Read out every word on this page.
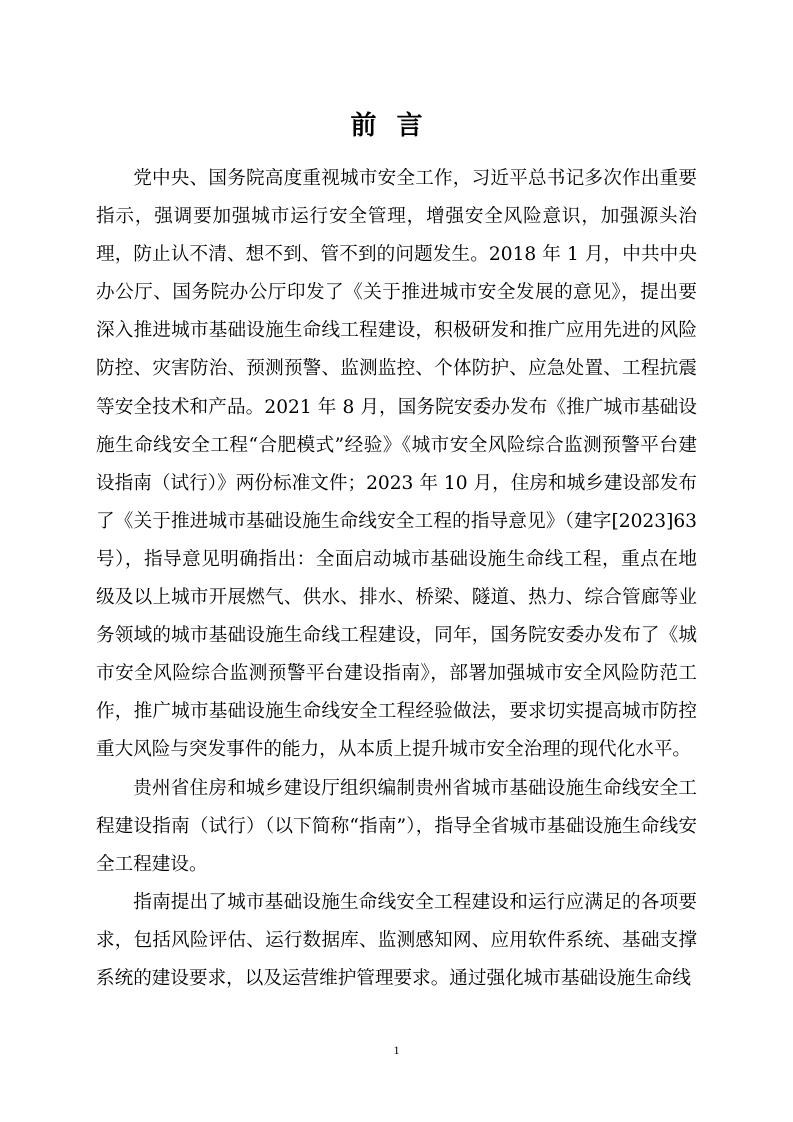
前言

党中央、国务院高度重视城市安全工作，习近平总书记多次作出重要指示，强调要加强城市运行安全管理，增强安全风险意识，加强源头治理，防止认不清、想不到、管不到的问题发生。2018 年 1 月，中共中央办公厅、国务院办公厅印发了《关于推进城市安全发展的意见》，提出要深入推进城市基础设施生命线工程建设，积极研发和推广应用先进的风险防控、灾害防治、预测预警、监测监控、个体防护、应急处置、工程抗震等安全技术和产品。2021 年 8 月，国务院安委办发布《推广城市基础设施生命线安全工程“合肥模式”经验》《城市安全风险综合监测预警平台建设指南（试行）》两份标准文件；2023 年 10 月，住房和城乡建设部发布了《关于推进城市基础设施生命线安全工程的指导意见》（建字[2023]63 号），指导意见明确指出：全面启动城市基础设施生命线工程，重点在地级及以上城市开展燃气、供水、排水、桥梁、隧道、热力、综合管廊等业务领域的城市基础设施生命线工程建设，同年，国务院安委办发布了《城市安全风险综合监测预警平台建设指南》，部署加强城市安全风险防范工作，推广城市基础设施生命线安全工程经验做法，要求切实提高城市防控重大风险与突发事件的能力，从本质上提升城市安全治理的现代化水平。

贵州省住房和城乡建设厅组织编制贵州省城市基础设施生命线安全工程建设指南（试行）（以下简称“指南”），指导全省城市基础设施生命线安全工程建设。

指南提出了城市基础设施生命线安全工程建设和运行应满足的各项要求，包括风险评估、运行数据库、监测感知网、应用软件系统、基础支撑系统的建设要求，以及运营维护管理要求。通过强化城市基础设施生命线

1
